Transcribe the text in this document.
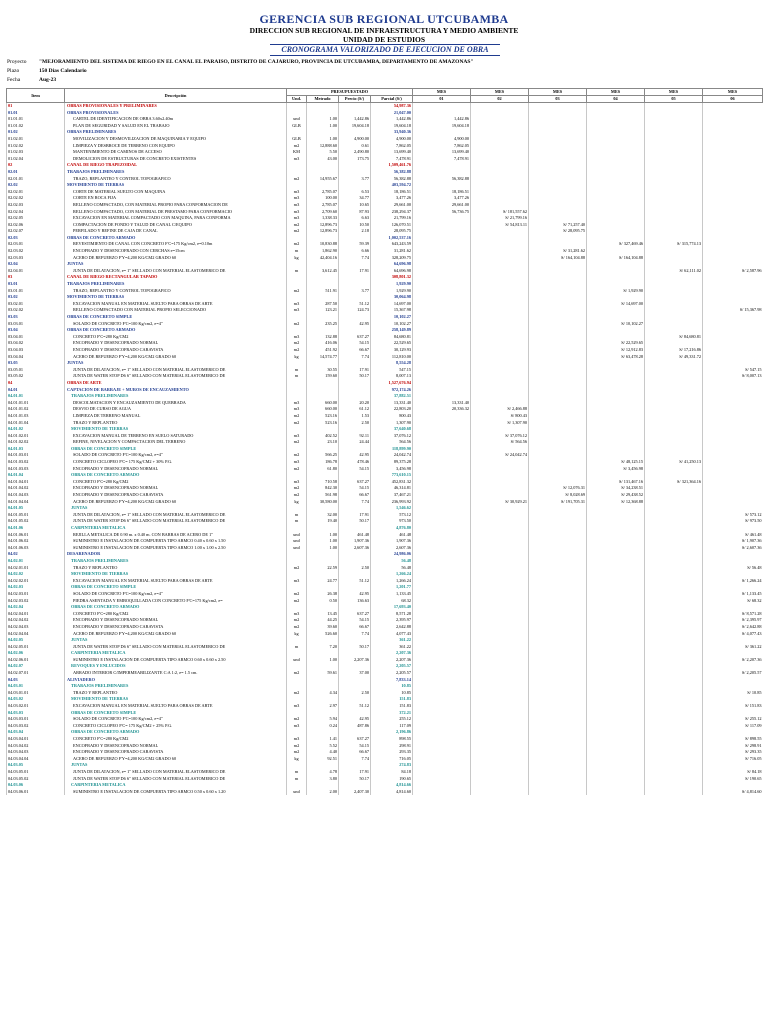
GERENCIA SUB REGIONAL UTCUBAMBA
DIRECCION SUB REGIONAL DE INFRAESTRUCTURA Y MEDIO AMBIENTE
UNIDAD DE ESTUDIOS
CRONOGRAMA VALORIZADO DE EJECUCION DE OBRA
Proyecto "MEJORAMIENTO DEL SISTEMA DE RIEGO EN EL CANAL EL PARAISO, DISTRITO DE CAJARURO, PROVINCIA DE UTCUBAMBA, DEPARTAMENTO DE AMAZONAS"
Plazo	150 Dias Calendario
Fecha	Aug-23
Item	Descripción	PRESUPUESTADO				MES	MES	MES	MES	MES	MES
		Und.	Metrado	Precio (S/)	Parcial (S/)	01	02	03	04	05	06
01	OBRAS PROVISIONALES Y PRELIMINARES				54,987.36						
01.01	OBRAS PROVISIONALES				21,047.00						
01.01.01	CARTEL DE IDENTIFICACION DE OBRA 3.60x2.40m	und	1.00	1,442.86	1,442.86	1,442.86					
01.01.02	PLAN DE SEGURIDAD Y SALUD EN EL TRABAJO	GLB	1.00	19,604.18	19,604.18	19,604.18					
01.02	OBRAS PRELIMINARES				33,940.36						
01.02.01	MOVILIZACION Y DESMOVILIZACION DE MAQUINARIA Y EQUIPO	GLB	1.00	4,900.00	4,900.00	4,900.00					
01.02.02	LIMPIEZA Y DESBROCE DE TERRENO CON EQUIPO	m2	12,888.60	0.61	7,862.05	7,862.05					
01.02.03	MANTENIMIENTO DE CAMINOS DE ACCESO	KM	5.50	2,490.80	13,699.40	13,699.40					
01.02.04	DEMOLICION DE ESTRUCTURAS DE CONCRETO EXISTENTES	m3	43.00	173.75	7,478.91	7,478.91					
02	CANAL DE RIEGO TRAPEZOIDAL				1,509,461.76						
02.01	TRABAJOS PRELIMINARES				56,382.88						
02.01.01	TRAZO, REPLANTEO Y CONTROL TOPOGRAFICO	m2	14,955.67	3.77	56,382.88	56,382.88					
02.02	MOVIMIENTO DE TIERRAS				403,594.72						
02.02.01	CORTE DE MATERIAL SUELTO CON MAQUINA	m3	2,785.07	6.53	18,186.51	18,186.51					
02.02.02	CORTE EN ROCA FIJA	m3	100.00	34.77	3,477.26	3,477.26					
02.02.03	RELLENO COMPACTADO, CON MATERIAL PROPIO PARA CONFORMACION DE	m3	2,785.07	10.65	29,661.00	29,661.00					
02.02.04	RELLENO COMPACTADO, CON MATERIAL DE PRESTAMO PARA CONFORMACIO	m3	2,709.60	87.93	238,294.37	56,736.75	S/ 181,557.62				
02.02.05	EXCAVACION EN MATERIAL COMPACTADO CON MAQUINA, PARA CONFORMA	m3	1,338.33	6.63	21,799.16		S/ 21,799.16				
02.02.06	COMPACTACION DE FONDO Y TALUD DE CANAL C/EQUIPO	m2	12,896.73	10.50	126,070.51		S/ 54,813.11	S/ 71,257.40			
02.02.07	PERFILADO Y REFINE DE CAJA DE CANAL	m2	12,896.73	2.18	28,095.75			S/ 28,095.75			
02.03	OBRAS DE CONCRETO ARMADO				1,002,537.16						
02.03.01	REVESTIMIENTO DE CANAL CON CONCRETO F'C=175 Kg/cm2, e=0.10m	m2	10,830.88	59.39	643,243.59				S/ 327,469.46	S/ 315,774.13	
02.03.02	ENCOFRADO Y DESENCOFRADO CON CERCHAS e=15cm	m	1,862.90	6.66	31,281.62			S/ 31,281.62			
02.03.03	ACERO DE REFUERZO F'Y=4,200 KG/CM2 GRADO 60	kg	42,404.16	7.74	328,209.75			S/ 164,104.88	S/ 164,104.88		
02.04	JUNTAS				64,696.98						
02.04.01	JUNTA DE DILATACION, e= 1" SELLADO CON MATERIAL ELASTOMERICO DE	m	3,612.45	17.91	64,696.98					S/ 62,111.02	S/ 2,587.96
03	CANAL DE RIEGO RECTANGULAR TAPADO				308,801.32						
03.01	TRABAJOS PRELIMINARES				1,929.90						
03.01.01	TRAZO, REPLANTEO Y CONTROL TOPOGRAFICO	m2	511.91	3.77	1,929.90				S/ 1,929.90		
03.02	MOVIMIENTO DE TIERRAS				30,064.98						
03.02.01	EXCAVACION MANUAL EN MATERIAL SUELTO PARA OBRAS DE ARTE	m3	287.50	51.12	14,697.00				S/ 14,697.00		
03.02.02	RELLENO COMPACTADO CON MATERIAL PROPIO SELECCIONADO	m3	123.21	124.73	15,367.98						S/ 15,367.98
03.03	OBRAS DE CONCRETO SIMPLE				10,102.27						
03.03.01	SOLADO DE CONCRETO F'C=100 Kg/cm2, e=4"	m2	235.25	42.95	10,102.27				S/ 10,102.27		
03.04	OBRAS DE CONCRETO ARMADO				258,149.89						
03.04.01	CONCRETO F'C=280 Kg/CM2	m3	132.88	637.27	84,680.81					S/ 84,680.81	
03.04.02	ENCOFRADO Y DESENCOFRADO NORMAL	m2	416.06	54.15	22,529.65				S/ 22,529.65		
03.04.03	ENCOFRADO Y DESENCOFRADO CARAVISTA	m2	451.92	66.67	30,129.93				S/ 12,912.83	S/ 17,216.86	
03.04.04	ACERO DE REFUERZO F'Y=4,200 KG/CM2 GRADO 60	kg	14,574.77	7.74	112,810.00				S/ 63,478.28	S/ 49,331.72	
03.05	JUNTAS				8,554.28						
03.05.01	JUNTA DE DILATACION, e= 1" SELLADO CON MATERIAL ELASTOMERICO DE	m	30.55	17.91	547.15						S/ 547.15
03.05.02	JUNTA DE WATER STOP D6 6" SELLADO CON MATERIAL ELASTOMERICO DE	m	159.60	50.17	8,007.13						S/ 8,007.13
04	OBRAS DE ARTE				1,527,676.94						
04.01	CAPTACION DE BARRAJE + MUROS DE ENCAUZAMIENTO				972,174.26						
04.01.01	TRABAJOS PRELIMINARES				37,882.51						
04.01.01.01	DESCOLMATACION Y ENCAUZAMIENTO DE QUEBRADA	m3	660.00	20.20	13,331.40	13,331.40					
04.01.01.02	DESVIO DE CURSO DE AGUA	m3	660.00	61.12	22,803.20	20,336.32	S/ 2,466.88				
04.01.01.03	LIMPIEZA DE TERRENO MANUAL	m2	523.16	1.53	800.43		S/ 800.43				
04.01.01.04	TRAZO Y REPLANTEO	m2	523.16	2.50	1,307.90		S/ 1,307.90				
04.01.02	MOVIMIENTO DE TIERRAS				37,640.68						
04.01.02.01	EXCAVACION MANUAL DE TERRENO EN SUELO SATURADO	m3	402.52	92.11	37,076.12		S/ 37,076.12				
04.01.02.02	REFINE, NIVELACION Y COMPACTACION DEL TERRENO	m2	23.10	24.44	564.56		S/ 564.56				
04.01.03	OBRAS DE CONCRETO SIMPLE				118,899.90						
04.01.03.01	SOLADO DE CONCRETO F'C=100 Kg/cm2, e=4"	m2	566.25	42.95	24,042.74		S/ 24,042.74				
04.01.03.02	CONCRETO CICLOPEO F'C= 175 Kg/CM2 + 30% P.G.	m3	186.78	478.46	89,375.28				S/ 48,125.15	S/ 41,250.13	
04.01.03.03	ENCOFRADO Y DESENCOFRADO NORMAL	m2	61.80	54.15	3,456.98				S/ 3,456.98		
04.01.04	OBRAS DE CONCRETO ARMADO				773,610.15						
04.01.04.01	CONCRETO F'C=280 Kg/CM2	m3	710.58	637.27	452,831.32				S/ 131,467.16	S/ 321,364.16	
04.01.04.02	ENCOFRADO Y DESENCOFRADO NORMAL	m2	842.30	54.15	46,314.81			S/ 12,076.31	S/ 34,238.51		
04.01.04.03	ENCOFRADO Y DESENCOFRADO CARAVISTA	m2	561.98	66.67	37,467.21			S/ 8,028.69	S/ 29,438.52		
04.01.04.04	ACERO DE REFUERZO F'Y=4,200 KG/CM2 GRADO 60	kg	30,580.00	7.74	236,993.92		S/ 30,929.21	S/ 191,705.31	S/ 12,368.88		
04.01.05	JUNTAS				1,546.62						
04.01.05.01	JUNTA DE DILATACION, e= 1" SELLADO CON MATERIAL ELASTOMERICO DE	m	32.00	17.91	573.12						S/ 573.12
04.01.05.02	JUNTA DE WATER STOP D6 6" SELLADO CON MATERIAL ELASTOMERICO DE	m	19.40	50.17	973.50						S/ 973.50
04.01.06	CARPINTERIA METALICA				4,876.80						
04.01.06.01	REJILLA METALICA DE 0.90 m. x 0.40 m. CON BARRAS DE ACERO DE 1"	und	1.00	461.48	461.48						S/ 461.48
04.01.06.02	SUMINISTRO E INSTALACION DE COMPUERTA TIPO ARMCO 0.40 x 0.60 x 1.50	und	1.00	1,907.36	1,907.36						S/ 1,907.36
04.01.06.03	SUMINISTRO E INSTALACION DE COMPUERTA TIPO ARMCO 1.00 x 1.00 x 2.50	und	1.00	2,607.36	2,607.36						S/ 2,607.36
04.02	DESARENADOR				24,986.06						
04.02.01	TRABAJOS PRELIMINARES				56.48						
04.02.01.01	TRAZO Y REPLANTEO	m2	22.59	2.50	56.48						S/ 56.48
04.02.02	MOVIMIENTO DE TIERRAS				1,266.24						
04.02.02.01	EXCAVACION MANUAL EN MATERIAL SUELTO PARA OBRAS DE ARTE	m3	24.77	51.12	1,266.24						S/ 1,266.24
04.02.03	OBRAS DE CONCRETO SIMPLE				1,201.77						
04.02.03.01	SOLADO DE CONCRETO F'C=100 Kg/cm2, e=4"	m2	26.38	42.95	1,133.45						S/ 1,133.45
04.02.03.02	PIEDRA ASENTADA Y EMBOQUILLADA CON CONCRETO F'C=175 Kg/cm2, e=	m2	0.50	136.63	68.32						S/ 68.32
04.02.04	OBRAS DE CONCRETO ARMADO				17,693.40						
04.02.04.01	CONCRETO F'C=280 Kg/CM2	m3	13.45	637.27	8,571.28						S/ 8,571.28
04.02.04.02	ENCOFRADO Y DESENCOFRADO NORMAL	m2	44.25	54.15	2,395.97						S/ 2,395.97
04.02.04.03	ENCOFRADO Y DESENCOFRADO CARAVISTA	m2	39.60	66.67	2,642.88						S/ 2,642.88
04.02.04.04	ACERO DE REFUERZO F'Y=4,200 KG/CM2 GRADO 60	kg	526.60	7.74	4,077.43						S/ 4,077.43
04.02.05	JUNTAS				361.22						
04.02.05.01	JUNTA DE WATER STOP D6 6" SELLADO CON MATERIAL ELASTOMERICO DE	m	7.20	50.17	361.22						S/ 361.22
04.02.06	CARPINTERIA METALICA				2,207.36						
04.02.06.01	SUMINISTRO E INSTALACION DE COMPUERTA TIPO ARMCO 0.60 x 0.60 x 2.50	und	1.00	2,207.36	2,207.36						S/ 2,207.36
04.02.07	REVOQUES Y ENLUCIDOS				2,205.57						
04.02.07.01	ARRADO INTERIOR C/IMPERMEABILIZANTE C:A 1:2, e= 1.5 cm.	m2	59.61	37.00	2,205.57						S/ 2,205.57
04.03	ALIVIADERO				7,833.14						
04.03.01	TRABAJOS PRELIMINARES				10.85						
04.03.01.01	TRAZO Y REPLANTEO	m2	4.34	2.50	10.85						S/ 10.85
04.03.02	MOVIMIENTO DE TIERRAS				151.83						
04.03.02.01	EXCAVACION MANUAL EN MATERIAL SUELTO PARA OBRAS DE ARTE	m3	2.97	51.12	151.83						S/ 151.83
04.03.03	OBRAS DE CONCRETO SIMPLE				372.21						
04.03.03.01	SOLADO DE CONCRETO F'C=100 Kg/cm2, e=4"	m2	5.94	42.95	255.12						S/ 255.12
04.03.03.02	CONCRETO CICLOPEO F'C= 175 Kg/CM2 + 25% P.G.	m3	0.24	487.86	117.09						S/ 117.09
04.03.04	OBRAS DE CONCRETO ARMADO				2,196.86						
04.03.04.01	CONCRETO F'C=280 Kg/CM2	m3	1.41	637.27	898.55						S/ 898.55
04.03.04.02	ENCOFRADO Y DESENCOFRADO NORMAL	m2	5.52	54.15	298.91						S/ 298.91
04.03.04.03	ENCOFRADO Y DESENCOFRADO CARAVISTA	m2	4.40	66.67	293.35						S/ 293.35
04.03.04.04	ACERO DE REFUERZO F'Y=4,200 KG/CM2 GRADO 60	kg	92.51	7.74	716.05						S/ 716.05
04.03.05	JUNTAS				274.83						
04.03.05.01	JUNTA DE DILATACION, e= 1" SELLADO CON MATERIAL ELASTOMERICO DE	m	4.78	17.91	84.18						S/ 84.18
04.03.05.02	JUNTA DE WATER STOP D6 6" SELLADO CON MATERIAL ELASTOMERICO DE	m	3.80	50.17	190.65						S/ 190.65
04.03.06	CARPINTERIA METALICA				4,814.66						
04.03.06.01	SUMINISTRO E INSTALACION DE COMPUERTA TIPO ARMCO 0.50 x 0.60 x 1.20	und	2.00	2,407.30	4,814.60						S/ 4,814.60
